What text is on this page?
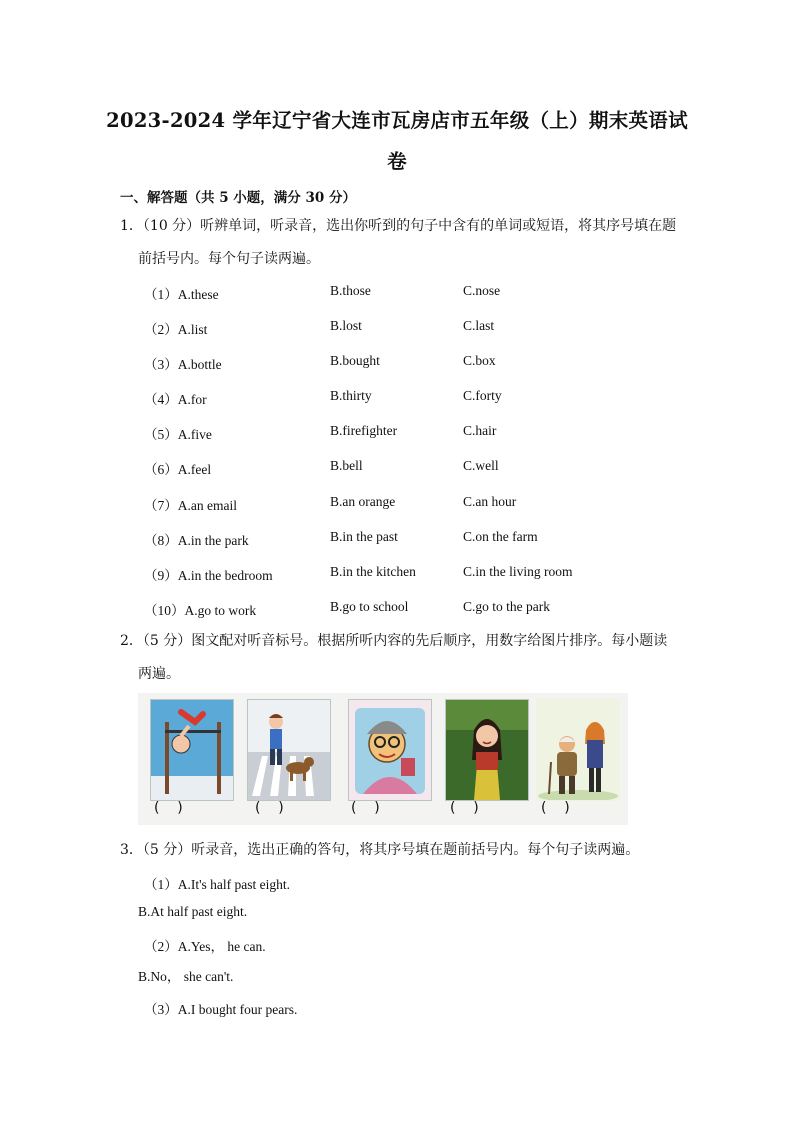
2023-2024 学年辽宁省大连市瓦房店市五年级（上）期末英语试
卷
一、解答题（共 5 小题，满分 30 分）
1．（10 分）听辨单词，听录音，选出你听到的句子中含有的单词或短语，将其序号填在题
前括号内。每个句子读两遍。
（1）A.these	B.those	C.nose
（2）A.list	B.lost	C.last
（3）A.bottle	B.bought	C.box
（4）A.for	B.thirty	C.forty
（5）A.five	B.firefighter	C.hair
（6）A.feel	B.bell	C.well
（7）A.an email	B.an orange	C.an hour
（8）A.in the park	B.in the past	C.on the farm
（9）A.in the bedroom	B.in the kitchen	C.in the living room
（10）A.go to work	B.go to school	C.go to the park
2．（5 分）图文配对听音标号。根据所听内容的先后顺序，用数字给图片排序。每小题读
两遍。
(    )	(    )	(    )	(    )	(    )
3．（5 分）听录音，选出正确的答句，将其序号填在题前括号内。每个句子读两遍。
（1）A.It's half past eight.
B.At half past eight.
（2）A.Yes， he can.
B.No， she can't.
（3）A.I bought four pears.
